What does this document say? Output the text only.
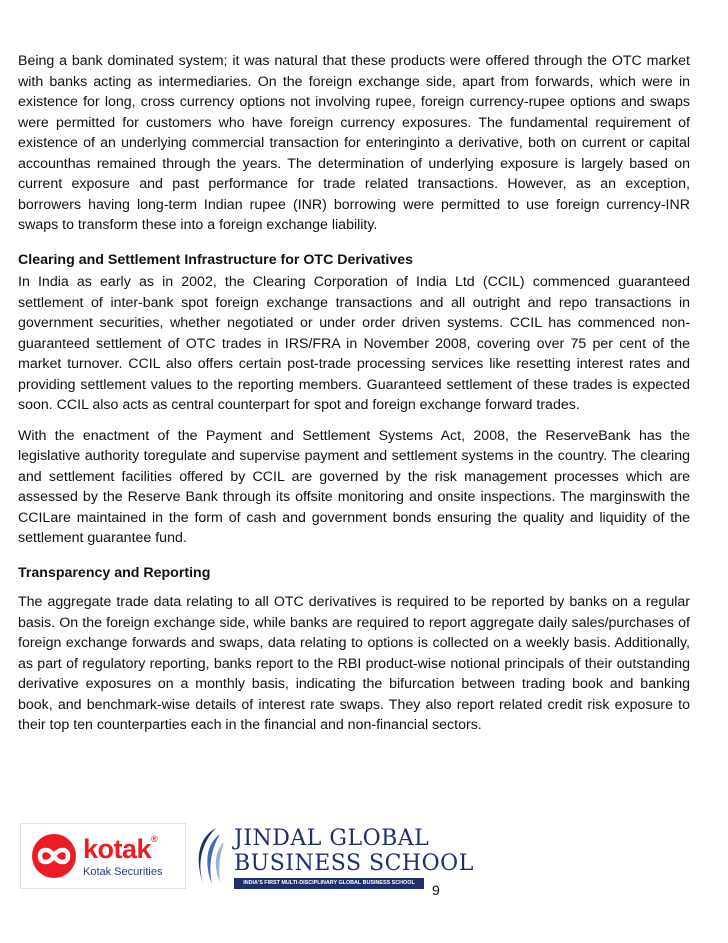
Being a bank dominated system; it was natural that these products were offered through the OTC market with banks acting as intermediaries. On the foreign exchange side, apart from forwards, which were in existence for long, cross currency options not involving rupee, foreign currency-rupee options and swaps were permitted for customers who have foreign currency exposures. The fundamental requirement of existence of an underlying commercial transaction for enteringinto a derivative, both on current or capital accounthas remained through the years. The determination of underlying exposure is largely based on current exposure and past performance for trade related transactions. However, as an exception, borrowers having long-term Indian rupee (INR) borrowing were permitted to use foreign currency-INR swaps to transform these into a foreign exchange liability.

Clearing and Settlement Infrastructure for OTC Derivatives

In India as early as in 2002, the Clearing Corporation of India Ltd (CCIL) commenced guaranteed settlement of inter-bank spot foreign exchange transactions and all outright and repo transactions in government securities, whether negotiated or under order driven systems. CCIL has commenced non-guaranteed settlement of OTC trades in IRS/FRA in November 2008, covering over 75 per cent of the market turnover. CCIL also offers certain post-trade processing services like resetting interest rates and providing settlement values to the reporting members. Guaranteed settlement of these trades is expected soon. CCIL also acts as central counterpart for spot and foreign exchange forward trades.

With the enactment of the Payment and Settlement Systems Act, 2008, the ReserveBank has the legislative authority toregulate and supervise payment and settlement systems in the country. The clearing and settlement facilities offered by CCIL are governed by the risk management processes which are assessed by the Reserve Bank through its offsite monitoring and onsite inspections. The marginswith the CCILare maintained in the form of cash and government bonds ensuring the quality and liquidity of the settlement guarantee fund.

Transparency and Reporting

The aggregate trade data relating to all OTC derivatives is required to be reported by banks on a regular basis. On the foreign exchange side, while banks are required to report aggregate daily sales/purchases of foreign exchange forwards and swaps, data relating to options is collected on a weekly basis. Additionally, as part of regulatory reporting, banks report to the RBI product-wise notional principals of their outstanding derivative exposures on a monthly basis, indicating the bifurcation between trading book and banking book, and benchmark-wise details of interest rate swaps. They also report related credit risk exposure to their top ten counterparties each in the financial and non-financial sectors.

kotak®
Kotak Securities
JINDAL GLOBAL
BUSINESS SCHOOL
INDIA'S FIRST MULTI-DISCIPLINARY GLOBAL BUSINESS SCHOOL	9
